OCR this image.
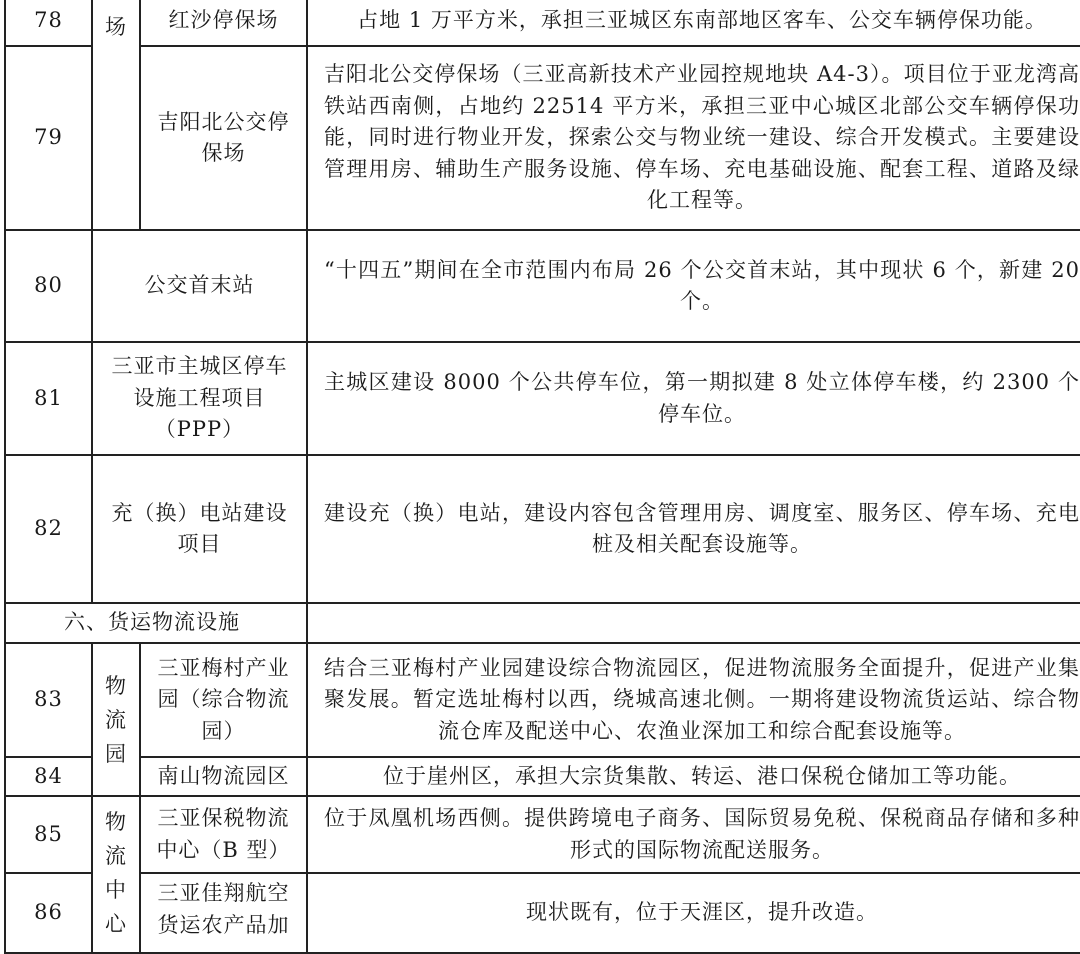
78	场	红沙停保场	占地 1 万平方米，承担三亚城区东南部地区客车、公交车辆停保功能。
79		吉阳北公交停保场	吉阳北公交停保场（三亚高新技术产业园控规地块 A4-3）。项目位于亚龙湾高铁站西南侧，占地约 22514 平方米，承担三亚中心城区北部公交车辆停保功能，同时进行物业开发，探索公交与物业统一建设、综合开发模式。主要建设管理用房、辅助生产服务设施、停车场、充电基础设施、配套工程、道路及绿化工程等。
80	公交首末站		“十四五”期间在全市范围内布局 26 个公交首末站，其中现状 6 个，新建 20 个。
81	三亚市主城区停车设施工程项目（PPP）		主城区建设 8000 个公共停车位，第一期拟建 8 处立体停车楼，约 2300 个停车位。
82	充（换）电站建设项目		建设充（换）电站，建设内容包含管理用房、调度室、服务区、停车场、充电桩及相关配套设施等。
六、货运物流设施			
83	物流园	三亚梅村产业园（综合物流园）	结合三亚梅村产业园建设综合物流园区，促进物流服务全面提升，促进产业集聚发展。暂定选址梅村以西，绕城高速北侧。一期将建设物流货运站、综合物流仓库及配送中心、农渔业深加工和综合配套设施等。
84		南山物流园区	位于崖州区，承担大宗货集散、转运、港口保税仓储加工等功能。
85	物流中心	三亚保税物流中心（B 型）	位于凤凰机场西侧。提供跨境电子商务、国际贸易免税、保税商品存储和多种形式的国际物流配送服务。
86		三亚佳翔航空货运农产品加	现状既有，位于天涯区，提升改造。
